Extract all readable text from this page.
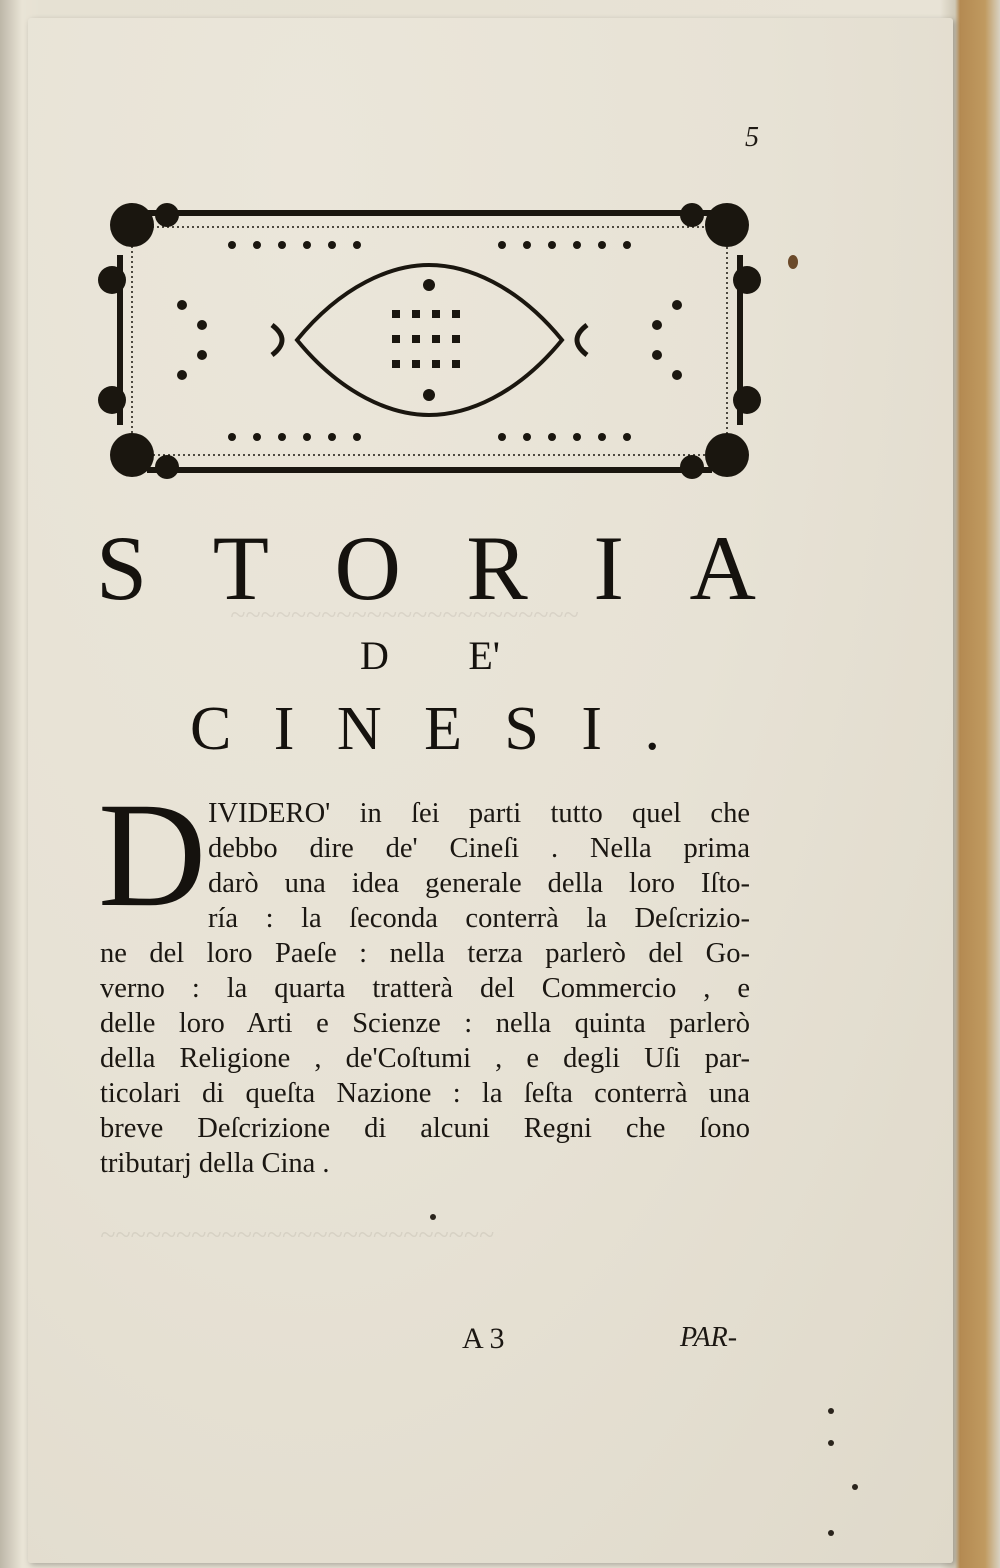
~~~~~~~~~~~~~~~~~~~~~~~
~~~~~~~~~~~~~~~~~~~~~~~~~~
5
S T O R I A
D E'
C I N E S I .
D IVIDERO' in ſei parti tutto quel che
debbo dire de' Cineſi . Nella prima
darò una idea generale della loro Iſto-
ría : la ſeconda conterrà la Deſcrizio-
ne del loro Paeſe : nella terza parlerò del Go-
verno : la quarta tratterà del Commercio , e
delle loro Arti e Scienze : nella quinta parlerò
della Religione , de'Coſtumi , e degli Uſi par-
ticolari di queſta Nazione : la ſeſta conterrà una
breve Deſcrizione di alcuni Regni che ſono
tributarj della Cina .
A 3	PAR-
